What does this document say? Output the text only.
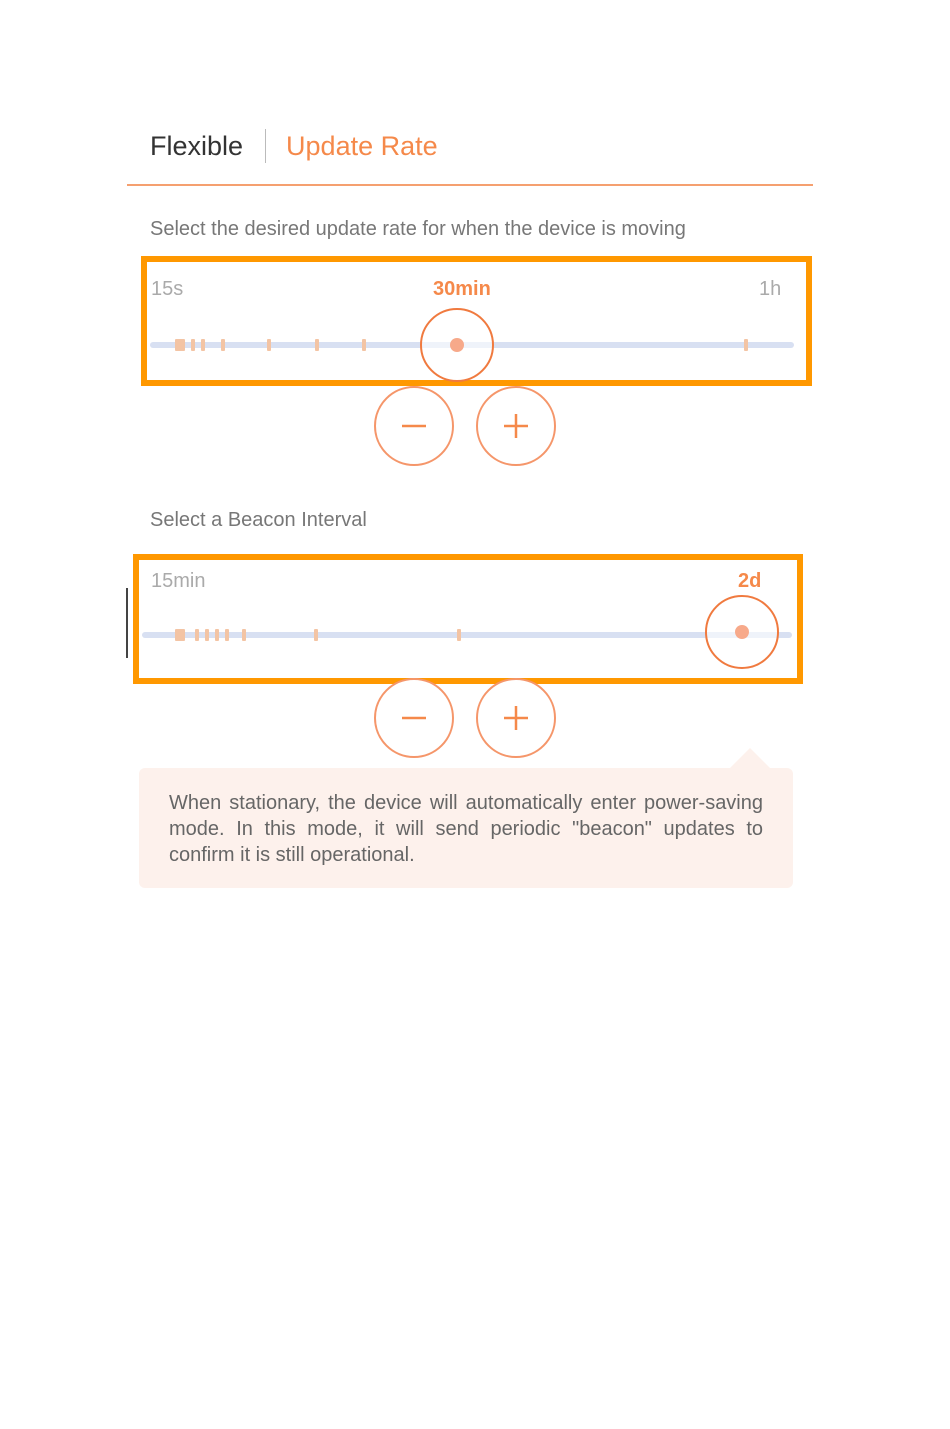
Flexible Update Rate
Select the desired update rate for when the device is moving
15s	30min	1h
Select a Beacon Interval
15min	2d

When stationary, the device will automatically enter power-saving mode. In this mode, it will send periodic "beacon" updates to confirm it is still operational.
